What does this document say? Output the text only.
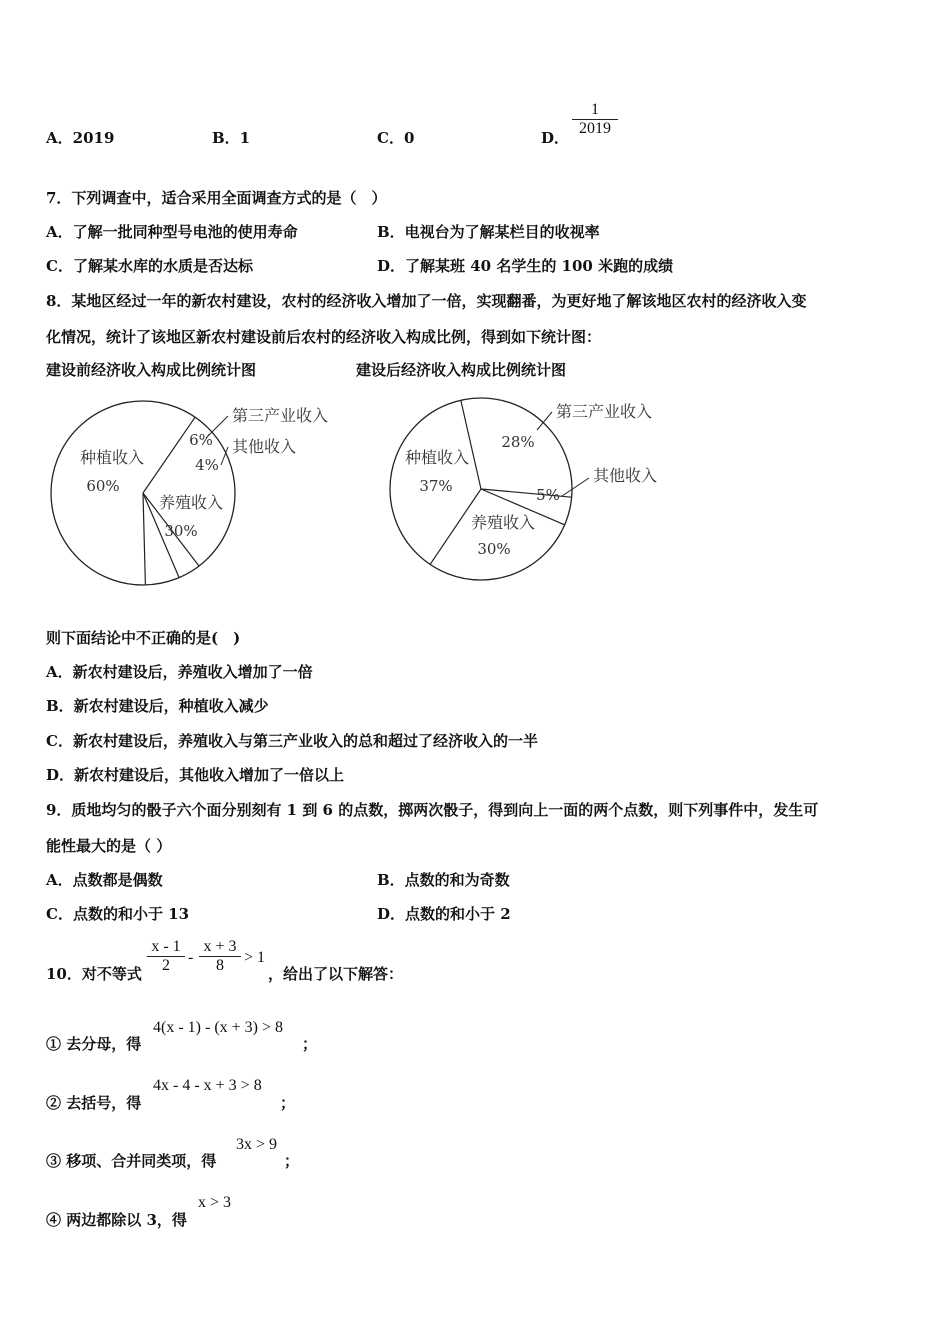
A．2019	B．1	C．0	D．
1
2019
7．下列调查中，适合采用全面调查方式的是（　）
A．了解一批同种型号电池的使用寿命	B．电视台为了解某栏目的收视率
C．了解某水库的水质是否达标	D．了解某班 40 名学生的 100 米跑的成绩
8．某地区经过一年的新农村建设，农村的经济收入增加了一倍，实现翻番，为更好地了解该地区农村的经济收入变
化情况，统计了该地区新农村建设前后农村的经济收入构成比例，得到如下统计图：
建设前经济收入构成比例统计图	建设后经济收入构成比例统计图
种植收入
60%
养殖收入
30%
其他收入
4%
第三产业收入
6%
种植收入
37%
养殖收入
30%
其他收入
5%
第三产业收入
28%
则下面结论中不正确的是(　)
A．新农村建设后，养殖收入增加了一倍
B．新农村建设后，种植收入减少
C．新农村建设后，养殖收入与第三产业收入的总和超过了经济收入的一半
D．新农村建设后，其他收入增加了一倍以上
9．质地均匀的骰子六个面分别刻有 1 到 6 的点数，掷两次骰子，得到向上一面的两个点数，则下列事件中，发生可
能性最大的是（ ）
A．点数都是偶数	B．点数的和为奇数
C．点数的和小于 13	D．点数的和小于 2
10．对不等式
x - 1
2	-
x + 3
8	> 1
，给出了以下解答：
① 去分母，得
4(x - 1) - (x + 3) > 8
；
② 去括号，得
4x - 4 - x + 3 > 8
；
③ 移项、合并同类项，得
3x > 9
；
④ 两边都除以 3，得
x > 3
